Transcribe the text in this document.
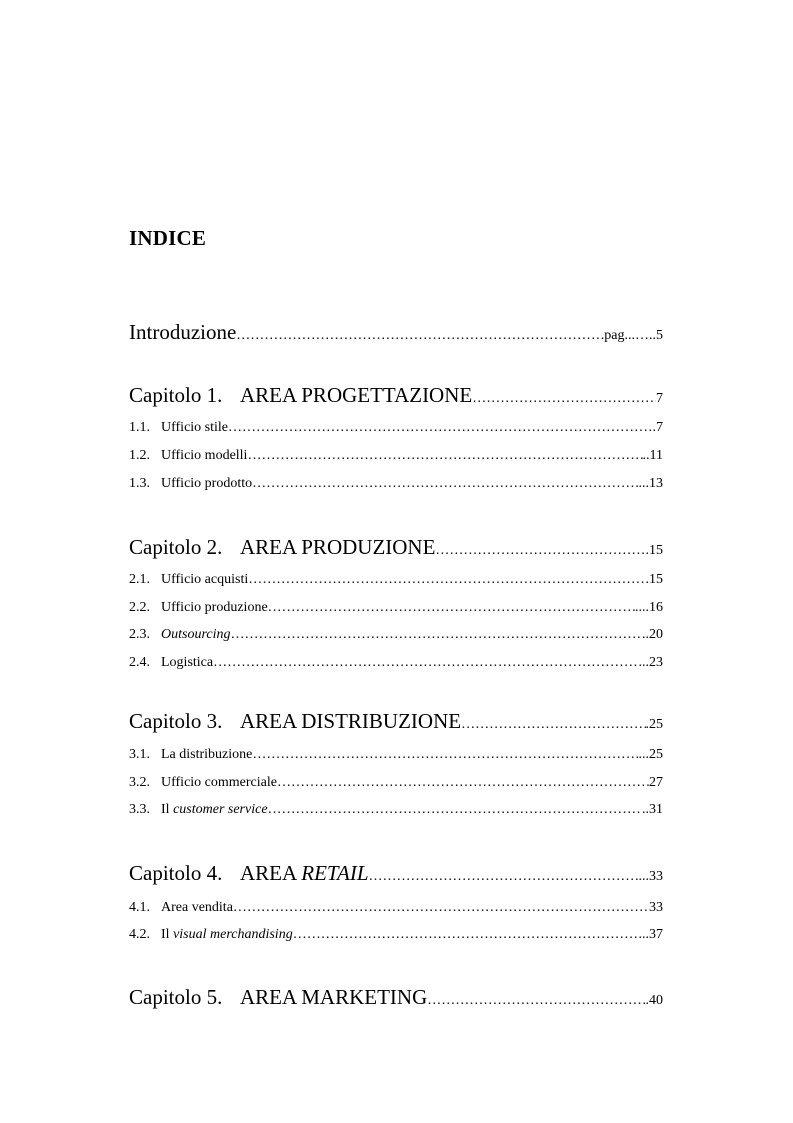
INDICE
Introduzione …………………………………………………………………………………………………………………………………………………………………………………	pag...…..5
Capitolo 1. AREA PROGETTAZIONE …………………………………………………………………………………………………………………………………………………………………………………	7
1.1. Ufficio stile …………………………………………………………………………………………………………………………………………………………………………………	.7
1.2. Ufficio modelli …………………………………………………………………………………………………………………………………………………………………………………	..11
1.3. Ufficio prodotto …………………………………………………………………………………………………………………………………………………………………………………	...13
Capitolo 2. AREA PRODUZIONE …………………………………………………………………………………………………………………………………………………………………………………	.15
2.1. Ufficio acquisti …………………………………………………………………………………………………………………………………………………………………………………	.15
2.2. Ufficio produzione …………………………………………………………………………………………………………………………………………………………………………………	....16
2.3. Outsourcing …………………………………………………………………………………………………………………………………………………………………………………	..20
2.4. Logistica …………………………………………………………………………………………………………………………………………………………………………………	...23
Capitolo 3. AREA DISTRIBUZIONE …………………………………………………………………………………………………………………………………………………………………………………	.25
3.1. La distribuzione …………………………………………………………………………………………………………………………………………………………………………………	...25
3.2. Ufficio commerciale …………………………………………………………………………………………………………………………………………………………………………………	27
3.3. Il customer service …………………………………………………………………………………………………………………………………………………………………………………	..31
Capitolo 4. AREA RETAIL …………………………………………………………………………………………………………………………………………………………………………………	...33
4.1. Area vendita …………………………………………………………………………………………………………………………………………………………………………………	33
4.2. Il visual merchandising …………………………………………………………………………………………………………………………………………………………………………………	...37
Capitolo 5. AREA MARKETING …………………………………………………………………………………………………………………………………………………………………………………	.40
